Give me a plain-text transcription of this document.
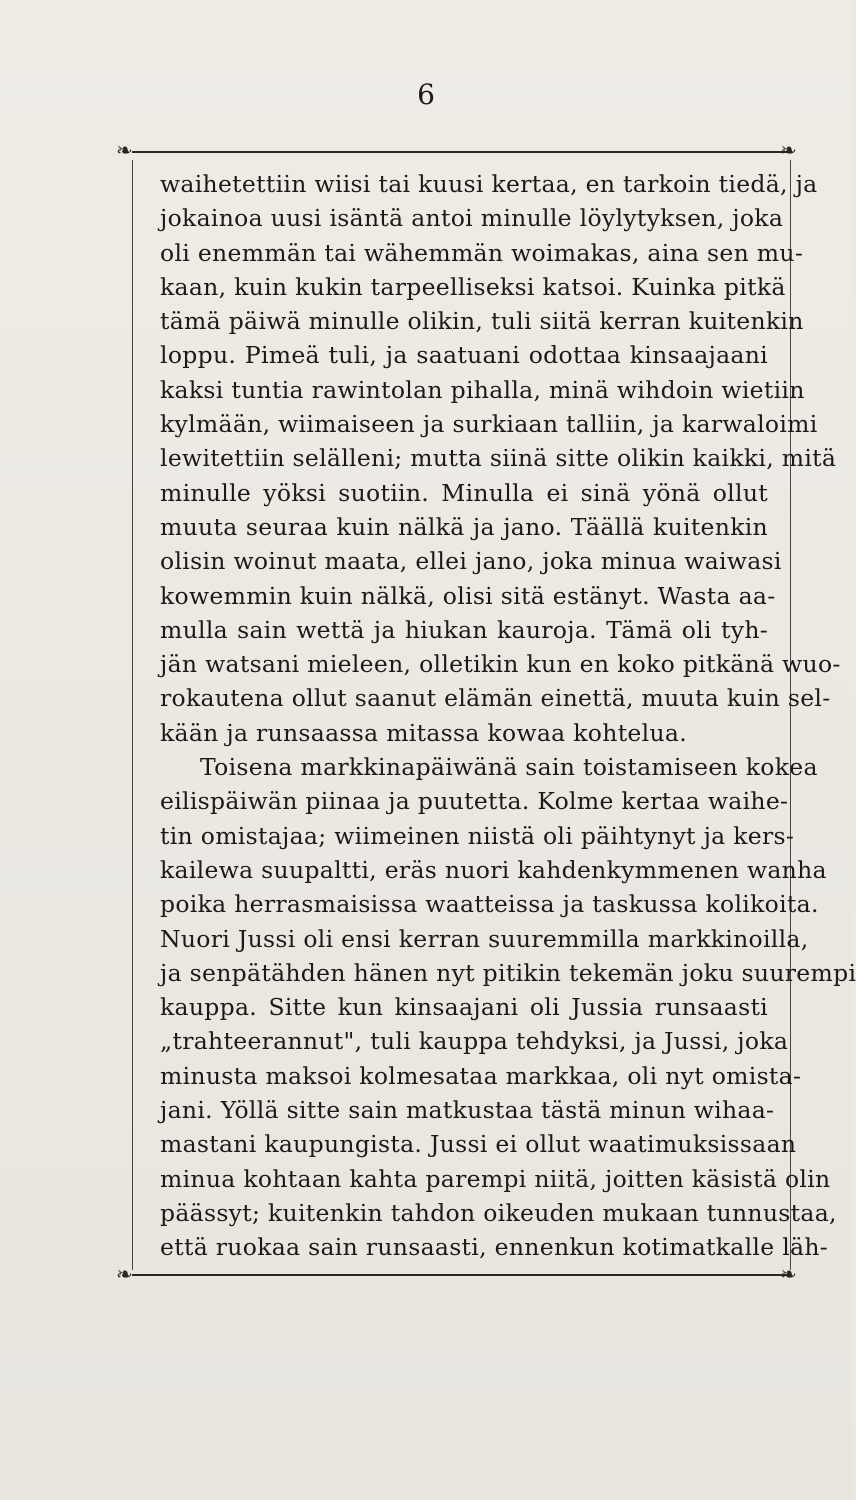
6
❧	❧
waihetettiin wiisi tai kuusi kertaa, en tarkoin tiedä, ja
jokainoa uusi isäntä antoi minulle löylytyksen, joka
oli enemmän tai wähemmän woimakas, aina sen mu-
kaan, kuin kukin tarpeelliseksi katsoi. Kuinka pitkä
tämä päiwä minulle olikin, tuli siitä kerran kuitenkin
loppu. Pimeä tuli, ja saatuani odottaa kinsaajaani
kaksi tuntia rawintolan pihalla, minä wihdoin wietiin
kylmään, wiimaiseen ja surkiaan talliin, ja karwaloimi
lewitettiin selälleni; mutta siinä sitte olikin kaikki, mitä
minulle yöksi suotiin. Minulla ei sinä yönä ollut
muuta seuraa kuin nälkä ja jano. Täällä kuitenkin
olisin woinut maata, ellei jano, joka minua waiwasi
kowemmin kuin nälkä, olisi sitä estänyt. Wasta aa-
mulla sain wettä ja hiukan kauroja. Tämä oli tyh-
jän watsani mieleen, olletikin kun en koko pitkänä wuo-
rokautena ollut saanut elämän einettä, muuta kuin sel-
kään ja runsaassa mitassa kowaa kohtelua.
Toisena markkinapäiwänä sain toistamiseen kokea
eilispäiwän piinaa ja puutetta. Kolme kertaa waihe-
tin omistajaa; wiimeinen niistä oli päihtynyt ja kers-
kailewa suupaltti, eräs nuori kahdenkymmenen wanha
poika herrasmaisissa waatteissa ja taskussa kolikoita.
Nuori Jussi oli ensi kerran suuremmilla markkinoilla,
ja senpätähden hänen nyt pitikin tekemän joku suurempi
kauppa. Sitte kun kinsaajani oli Jussia runsaasti
„trahteerannut", tuli kauppa tehdyksi, ja Jussi, joka
minusta maksoi kolmesataa markkaa, oli nyt omista-
jani. Yöllä sitte sain matkustaa tästä minun wihaa-
mastani kaupungista. Jussi ei ollut waatimuksissaan
minua kohtaan kahta parempi niitä, joitten käsistä olin
päässyt; kuitenkin tahdon oikeuden mukaan tunnustaa,
että ruokaa sain runsaasti, ennenkun kotimatkalle läh-
❧	❧
